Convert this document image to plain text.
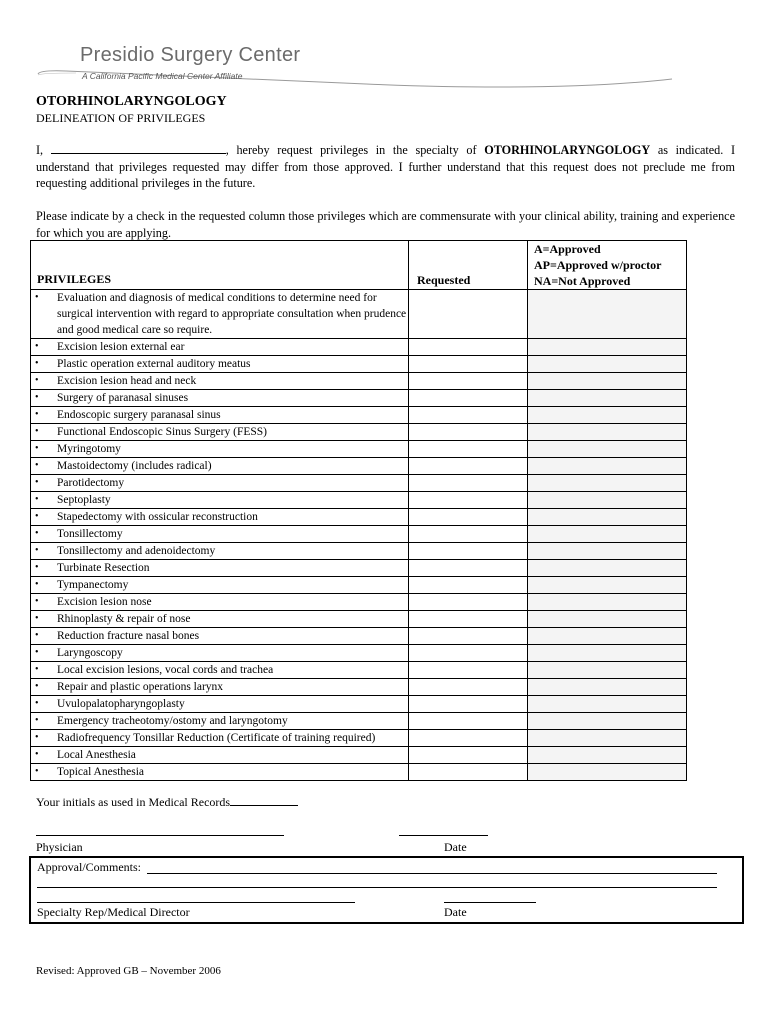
Presidio Surgery Center
A California Pacific Medical Center Affiliate
OTORHINOLARYNGOLOGY
DELINEATION OF PRIVILEGES
I,	, hereby request privileges in the specialty of OTORHINOLARYNGOLOGY as indicated. I understand that privileges requested may differ from those approved. I further understand that this request does not preclude me from requesting additional privileges in the future.
Please indicate by a check in the requested column those privileges which are commensurate with your clinical ability, training and experience for which you are applying.
PRIVILEGES	Requested	A=Approved
AP=Approved w/proctor
NA=Not Approved

• Evaluation and diagnosis of medical conditions to determine need for surgical intervention with regard to appropriate consultation when prudence and good medical care so require.		

• Excision lesion external ear		

• Plastic operation external auditory meatus		

• Excision lesion head and neck		

• Surgery of paranasal sinuses		

• Endoscopic surgery paranasal sinus		

• Functional Endoscopic Sinus Surgery (FESS)		

• Myringotomy		

• Mastoidectomy (includes radical)		

• Parotidectomy		

• Septoplasty		

• Stapedectomy with ossicular reconstruction		

• Tonsillectomy		

• Tonsillectomy and adenoidectomy		

• Turbinate Resection		

• Tympanectomy		

• Excision lesion nose		

• Rhinoplasty & repair of nose		

• Reduction fracture nasal bones		

• Laryngoscopy		

• Local excision lesions, vocal cords and trachea		

• Repair and plastic operations larynx		

• Uvulopalatopharyngoplasty		

• Emergency tracheotomy/ostomy and laryngotomy		

• Radiofrequency Tonsillar Reduction (Certificate of training required)		

• Local Anesthesia		

• Topical Anesthesia		

Your initials as used in Medical Records
Physician	Date
Approval/Comments:
Specialty Rep/Medical Director	Date
Revised: Approved GB – November 2006
